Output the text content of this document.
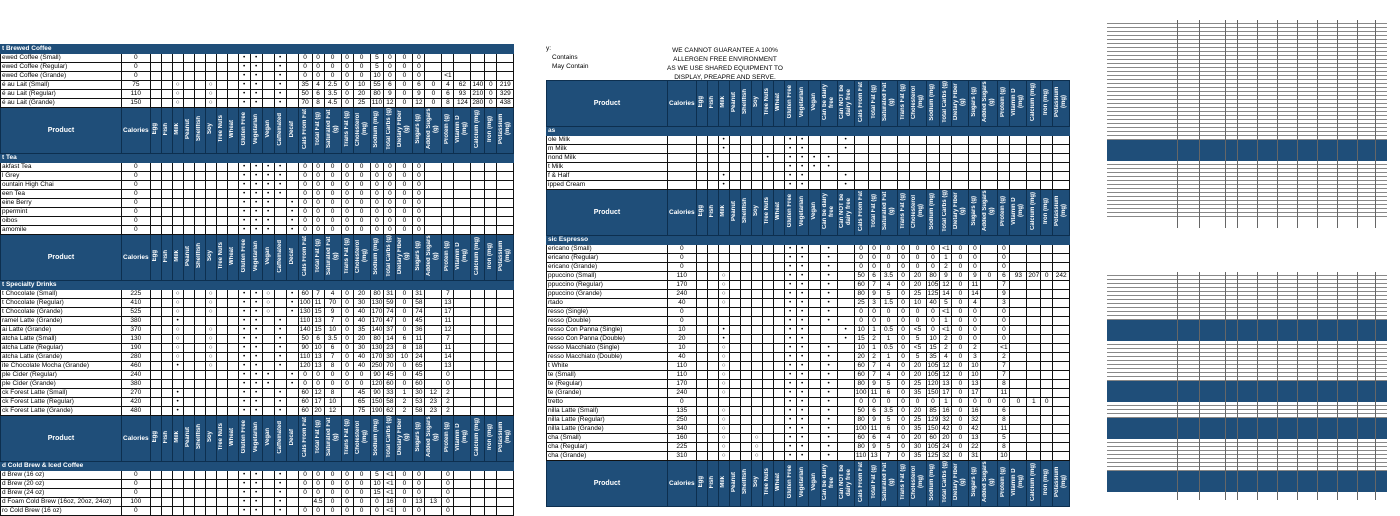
t Brewed Coffee																													
ewed Coffee (Small)	0									•	•		•		0	0	0	0	0	5	0	0	0						
ewed Coffee (Regular)	0									•	•		•		0	0	0	0	0	5	0	0	0						
ewed Coffee (Grande)	0									•	•		•		0	0	0	0	0	10	0	0	0		<1				
é au Lait (Small)	75			○			○			•	•		•		35	4	2.5	0	10	55	6	0	6	0	4	62	140	0	219
é au Lait (Regular)	110			○			○			•	•		•		50	6	3.5	0	20	80	9	0	9	0	6	93	210	0	329
é au Lait (Grande)	150			○			○			•	•		•		70	8	4.5	0	25	110	12	0	12	0	8	124	280	0	438
Product	Calories	Egg	Fish	Milk	Peanut	Shellfish	Soy	Tree Nuts	Wheat	Gluten Free	Vegetarian	Vegan	Caffeinated	Decaf	Cals From Fat	Total Fat (g)	Saturated Fat (g)	Trans Fat (g)	Cholesterol (mg)	Sodium (mg)	Total Carbs (g)	Dietary Fiber (g)	Sugars (g)	Added Sugars (g)	Protein (g)	Vitamin D (mg)	Calcium (mg)	Iron (mg)	Potassium (mg)
t Tea																													
akfast Tea	0									•	•	•	•		0	0	0	0	0	0	0	0	0						
l Grey	0									•	•	•	•		0	0	0	0	0	0	0	0	0						
ountain High Chai	0									•	•	•	•		0	0	0	0	0	0	0	0	0						
een Tea	0									•	•	•	•		0	0	0	0	0	0	0	0	0						
eine Berry	0									•	•	•		•	0	0	0	0	0	0	0	0	0						
ppermint	0									•	•	•		•	0	0	0	0	0	0	0	0	0						
oibos	0									•	•	•		•	0	0	0	0	0	0	0	0	0						
amomile	0									•	•	•		•	0	0	0	0	0	0	0	0	0						
Product	Calories	Egg	Fish	Milk	Peanut	Shellfish	Soy	Tree Nuts	Wheat	Gluten Free	Vegetarian	Vegan	Caffeinated	Decaf	Cals From Fat	Total Fat (g)	Saturated Fat (g)	Trans Fat (g)	Cholesterol (mg)	Sodium (mg)	Total Carbs (g)	Dietary Fiber (g)	Sugars (g)	Added Sugars (g)	Protein (g)	Vitamin D (mg)	Calcium (mg)	Iron (mg)	Potassium (mg)
t Specialty Drinks																													
t Chocolate (Small)	225			○			○			•	•	○		•	60	7	4	0	20	80	31	0	31		7				
t Chocolate (Regular)	410			○			○			•	•	○		•	100	11	70	0	30	130	59	0	58		13				
t Chocolate (Grande)	525			○			○			•	•	○		•	130	15	9	0	40	170	74	0	74		17				
ramel Latte (Grande)	380			•						•	•		•		110	13	7	0	40	170	47	0	45		11				
ai Latte (Grande)	370			○			○			•	•		•		140	15	10	0	35	140	37	0	36		12				
atcha Latte (Small)	130			○			○			•	•		•		50	6	3.5	0	20	80	14	6	11		7				
atcha Latte (Regular)	190			○			○			•	•		•		90	10	6	0	30	130	23	8	18		11				
atcha Latte (Grande)	280			○			○			•	•		•		110	13	7	0	40	170	30	10	24		14				
ite Chocolate Mocha (Grande)	460			•			○			•	•		•		120	13	8	0	40	250	70	0	65		13				
ple Cider (Regular)	240									•	•	•		•	0	0	0	0	0	90	45	0	45		0				
ple Cider (Grande)	380									•	•	•		•	0	0	0	0	0	120	60	0	60		0				
ck Forest Latte (Small)	270			•						•	•		•		60	12	8		45	90	33	1	30	12	2				
ck Forest Latte (Regular)	420			•						•	•		•		60	17	10		65	150	58	2	53	23	2				
ck Forest Latte (Grande)	480			•						•	•		•		60	20	12		75	190	62	2	58	23	2				
Product	Calories	Egg	Fish	Milk	Peanut	Shellfish	Soy	Tree Nuts	Wheat	Gluten Free	Vegetarian	Vegan	Caffeinated	Decaf	Cals From Fat	Total Fat (g)	Saturated Fat (g)	Trans Fat (g)	Cholesterol (mg)	Sodium (mg)	Total Carbs (g)	Dietary Fiber (g)	Sugars (g)	Added Sugars (g)	Protein (g)	Vitamin D (mg)	Calcium (mg)	Iron (mg)	Potassium (mg)
d Cold Brew & Iced Coffee																													
d Brew (16 oz)	0									•	•		•		0	0	0	0	0	5	<1	0	0		0				
d Brew (20 oz)	0									•	•		•		0	0	0	0	0	10	<1	0	0		0				
d Brew (24 oz)	0									•	•		•		0	0	0	0	0	15	<1	0	0		0				
d Foam Cold Brew (16oz, 20oz, 24oz)	100									•	•		•			4.5	0	0	0	0	16	0	13	13	0				
ro Cold Brew (16 oz)	0									•	•		•		0	0	0	0	0	0	<1	0	0		0				
y:
Contains
May Contain
WE CANNOT GUARANTEE A 100%
ALLERGEN FREE ENVIRONMENT
AS WE USE SHARED EQUIPMENT TO
DISPLAY, PREAPRE AND SERVE.
Product	Calories	Egg	Fish	Milk	Peanut	Shellfish	Soy	Tree Nuts	Wheat	Gluten Free	Vegetarian	Vegan	Can be dairy free	Can NOT be dairy free	Cals From Fat	Total Fat (g)	Saturated Fat (g)	Trans Fat (g)	Cholesterol (mg)	Sodium (mg)	Total Carbs (g)	Dietary Fiber (g)	Sugars (g)	Added Sugars (g)	Protein (g)	Vitamin D (mg)	Calcium (mg)	Iron (mg)	Potassium (mg)
as																													
ole Milk				•						•	•			•															
m Milk				•						•	•			•															
nond Milk								•		•	•	•	•																
t Milk										•	•	•	•																
f & Half				•						•	•			•															
ipped Cream				•						•	•			•															
Product	Calories	Egg	Fish	Milk	Peanut	Shellfish	Soy	Tree Nuts	Wheat	Gluten Free	Vegetarian	Vegan	Can be dairy free	Can NOT be dairy free	Cals From Fat	Total Fat (g)	Saturated Fat (g)	Trans Fat (g)	Cholesterol (mg)	Sodium (mg)	Total Carbs (g)	Dietary Fiber (g)	Sugars (g)	Added Sugars (g)	Protein (g)	Vitamin D (mg)	Calcium (mg)	Iron (mg)	Potassium (mg)
sic Espresso																													
ericano (Small)	0									•	•		•		0	0	0	0	0	0	<1	0	0		0				
ericano (Regular)	0									•	•		•		0	0	0	0	0	0	1	0	0		0				
ericano (Grande)	0									•	•		•		0	0	0	0	0	0	2	0	0		0				
ppuccino (Small)	110			○						•	•		•		50	6	3.5	0	20	80	9	0	9	0	6	93	207	0	242
ppuccino (Regular)	170			○						•	•		•		60	7	4	0	20	105	12	0	11		7				
ppuccino (Grande)	240			○						•	•		•		80	9	5	0	25	125	14	0	14		9				
rtado	40			○						•	•		•		25	3	1.5	0	10	40	5	0	4		3				
resso (Single)	0									•	•		•		0	0	0	0	0	0	<1	0	0		0				
resso (Double)	0									•	•		•		0	0	0	0	0	0	1	0	0		0				
resso Con Panna (Single)	10			•						•	•			•	10	1	0.5	0	<5	0	<1	0	0		0				
resso Con Panna (Double)	20			•						•	•			•	15	2	1	0	5	10	2	0	0		0				
resso Macchiato (Single)	10			○						•	•		•		10	1	0.5	0	<5	15	2	0	2		<1				
resso Macchiato (Double)	40			○						•	•		•		20	2	1	0	5	35	4	0	3		2				
t White	110			○						•	•		•		60	7	4	0	20	105	12	0	10		7				
te (Small)	110			○						•	•		•		60	7	4	0	20	105	12	0	10		7				
te (Regular)	170			○						•	•		•		80	9	5	0	25	120	13	0	13		8				
te (Grande)	240			○						•	•		•		100	11	6	0	35	150	17	0	17		11				
tretto	0									•	•		•		0	0	0	0	0	0	1	0	0	0	0	0	1	0	
nilla Latte (Small)	135			○						•	•		•		50	6	3.5	0	20	85	16	0	16		6				
nilla Latte (Regular)	250			○						•	•		•		80	9	5	0	25	129	32	0	32		8				
nilla Latte (Grande)	340			○						•	•		•		100	11	6	0	35	150	42	0	42		11				
cha (Small)	160			○			○			•	•		•		60	6	4	0	20	60	20	0	13		5				
cha (Regular)	225			○			○			•	•		•		80	9	5	0	30	105	24	0	22		8				
cha (Grande)	310			○			○			•	•		•		110	13	7	0	35	125	32	0	31		10				
Product	Calories	Egg	Fish	Milk	Peanut	Shellfish	Soy	Tree Nuts	Wheat	Gluten Free	Vegetarian	Vegan	Can be dairy free	Can NOT be dairy free	Cals From Fat	Total Fat (g)	Saturated Fat (g)	Trans Fat (g)	Cholesterol (mg)	Sodium (mg)	Total Carbs (g)	Dietary Fiber (g)	Sugars (g)	Added Sugars (g)	Protein (g)	Vitamin D (mg)	Calcium (mg)	Iron (mg)	Potassium (mg)
